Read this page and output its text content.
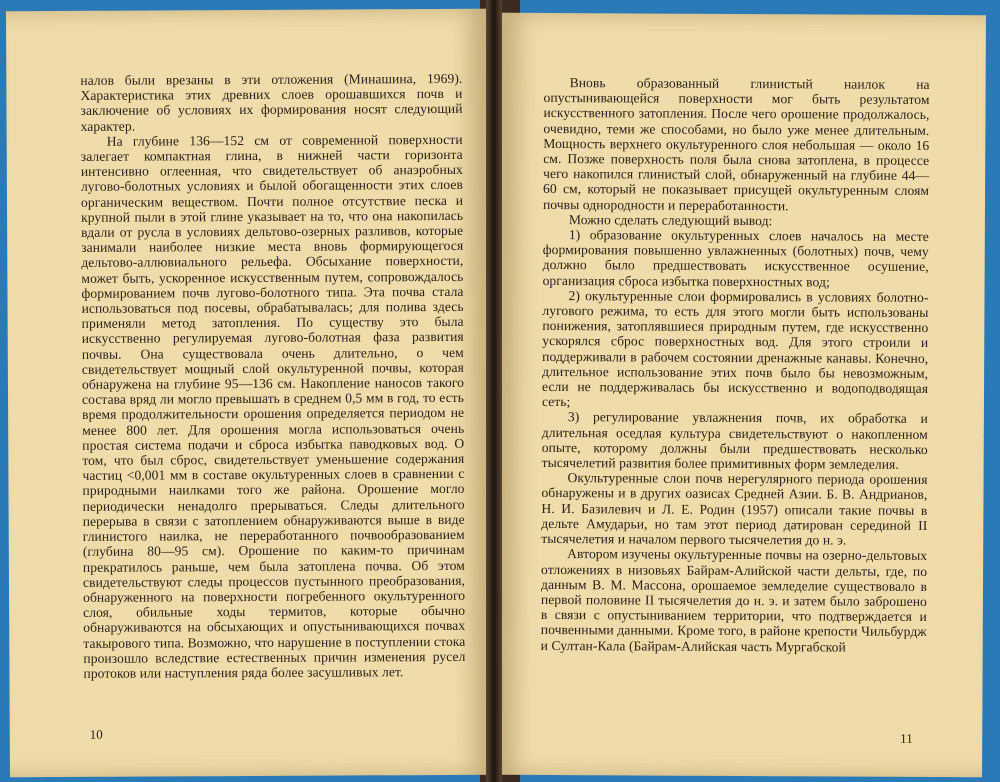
налов были врезаны в эти отложения (Минашина, 1969). Характеристика этих древних слоев орошавшихся почв и заключение об условиях их формирования носят следующий характер.

На глубине 136—152 см от современной поверхности залегает компактная глина, в нижней части горизонта интенсивно оглеенная, что свидетельствует об анаэробных лугово-болотных условиях и былой обогащенности этих слоев органическим веществом. Почти полное отсутствие песка и крупной пыли в этой глине указывает на то, что она накопилась вдали от русла в условиях дельтово-озерных разливов, которые занимали наиболее низкие места вновь формирующегося дельтово-аллювиального рельефа. Обсыхание поверхности, может быть, ускоренное искусственным путем, сопровождалось формированием почв лугово-болотного типа. Эта почва стала использоваться под посевы, обрабатывалась; для полива здесь применяли метод затопления. По существу это была искусственно регулируемая лугово-болотная фаза развития почвы. Она существовала очень длительно, о чем свидетельствует мощный слой окультуренной почвы, которая обнаружена на глубине 95—136 см. Накопление наносов такого состава вряд ли могло превышать в среднем 0,5 мм в год, то есть время продолжительности орошения определяется периодом не менее 800 лет. Для орошения могла использоваться очень простая система подачи и сброса избытка паводковых вод. О том, что был сброс, свидетельствует уменьшение содержания частиц <0,001 мм в составе окультуренных слоев в сравнении с природными наилками того же района. Орошение могло периодически ненадолго прерываться. Следы длительного перерыва в связи с затоплением обнаруживаются выше в виде глинистого наилка, не переработанного почвообразованием (глубина 80—95 см). Орошение по каким-то причинам прекратилось раньше, чем была затоплена почва. Об этом свидетельствуют следы процессов пустынного преобразования, обнаруженного на поверхности погребенного окультуренного слоя, обильные ходы термитов, которые обычно обнаруживаются на обсыхающих и опустынивающихся почвах такырового типа. Возможно, что нарушение в поступлении стока произошло вследствие естественных причин изменения русел протоков или наступления ряда более засушливых лет.

10

Вновь образованный глинистый наилок на опустынивающейся поверхности мог быть результатом искусственного затопления. После чего орошение продолжалось, очевидно, теми же способами, но было уже менее длительным. Мощность верхнего окультуренного слоя небольшая — около 16 см. Позже поверхность поля была снова затоплена, в процессе чего накопился глинистый слой, обнаруженный на глубине 44—60 см, который не показывает присущей окультуренным слоям почвы однородности и переработанности.

Можно сделать следующий вывод:

1) образование окультуренных слоев началось на месте формирования повышенно увлажненных (болотных) почв, чему должно было предшествовать искусственное осушение, организация сброса избытка поверхностных вод;

2) окультуренные слои формировались в условиях болотно-лугового режима, то есть для этого могли быть использованы понижения, затоплявшиеся природным путем, где искусственно ускорялся сброс поверхностных вод. Для этого строили и поддерживали в рабочем состоянии дренажные канавы. Конечно, длительное использование этих почв было бы невозможным, если не поддерживалась бы искусственно и водоподводящая сеть;

3) регулирование увлажнения почв, их обработка и длительная оседлая культура свидетельствуют о накопленном опыте, которому должны были предшествовать несколько тысячелетий развития более примитивных форм земледелия.

Окультуренные слои почв нерегулярного периода орошения обнаружены и в других оазисах Средней Азии. Б. В. Андрианов, Н. И. Базилевич и Л. Е. Родин (1957) описали такие почвы в дельте Амударьи, но там этот период датирован серединой II тысячелетия и началом первого тысячелетия до н. э.

Автором изучены окультуренные почвы на озерно-дельтовых отложениях в низовьях Байрам-Алийской части дельты, где, по данным В. М. Массона, орошаемое земледелие существовало в первой половине II тысячелетия до н. э. и затем было заброшено в связи с опустыниванием территории, что подтверждается и почвенными данными. Кроме того, в районе крепости Чильбурдж и Султан-Кала (Байрам-Алийская часть Мургабской

11
